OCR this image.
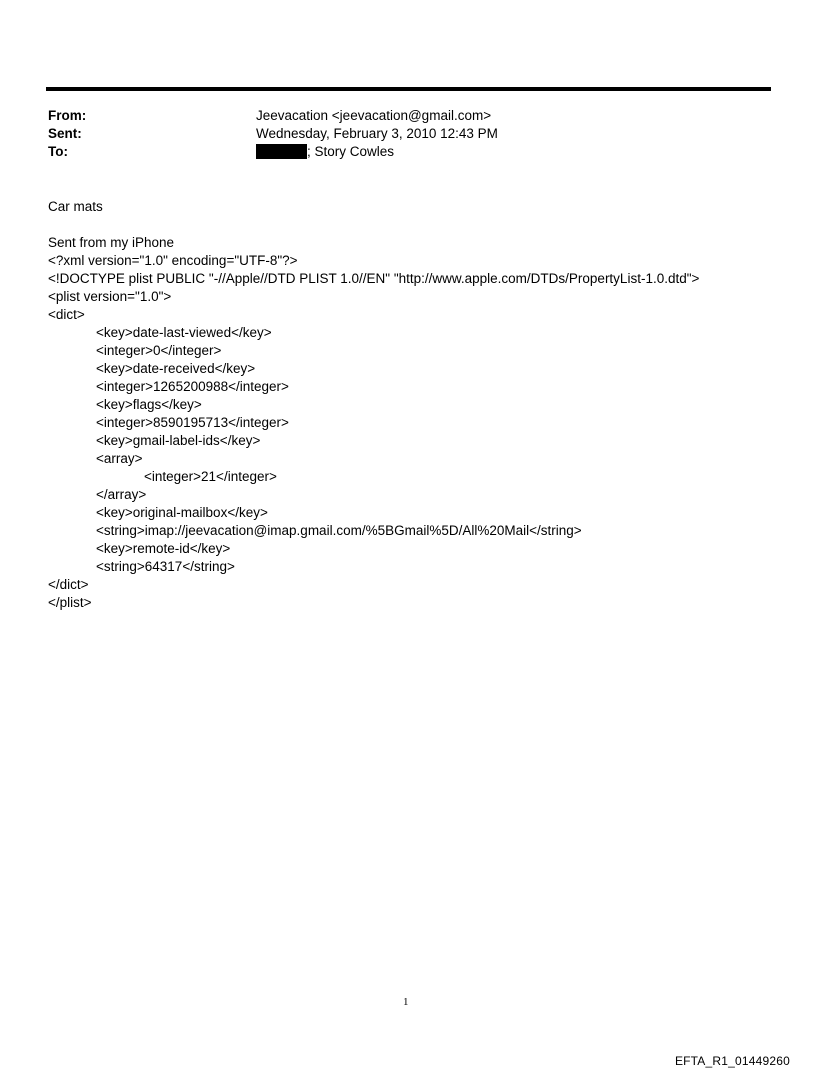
From:	Jeevacation <jeevacation@gmail.com>
Sent:	Wednesday, February 3, 2010 12:43 PM
To:	; Story Cowles
Car mats
Sent from my iPhone
<?xml version="1.0" encoding="UTF-8"?>
<!DOCTYPE plist PUBLIC "-//Apple//DTD PLIST 1.0//EN" "http://www.apple.com/DTDs/PropertyList-1.0.dtd">
<plist version="1.0">
<dict>
<key>date-last-viewed</key>
<integer>0</integer>
<key>date-received</key>
<integer>1265200988</integer>
<key>flags</key>
<integer>8590195713</integer>
<key>gmail-label-ids</key>
<array>
<integer>21</integer>
</array>
<key>original-mailbox</key>
<string>imap://jeevacation@imap.gmail.com/%5BGmail%5D/All%20Mail</string>
<key>remote-id</key>
<string>64317</string>
</dict>
</plist>
1
EFTA_R1_01449260
